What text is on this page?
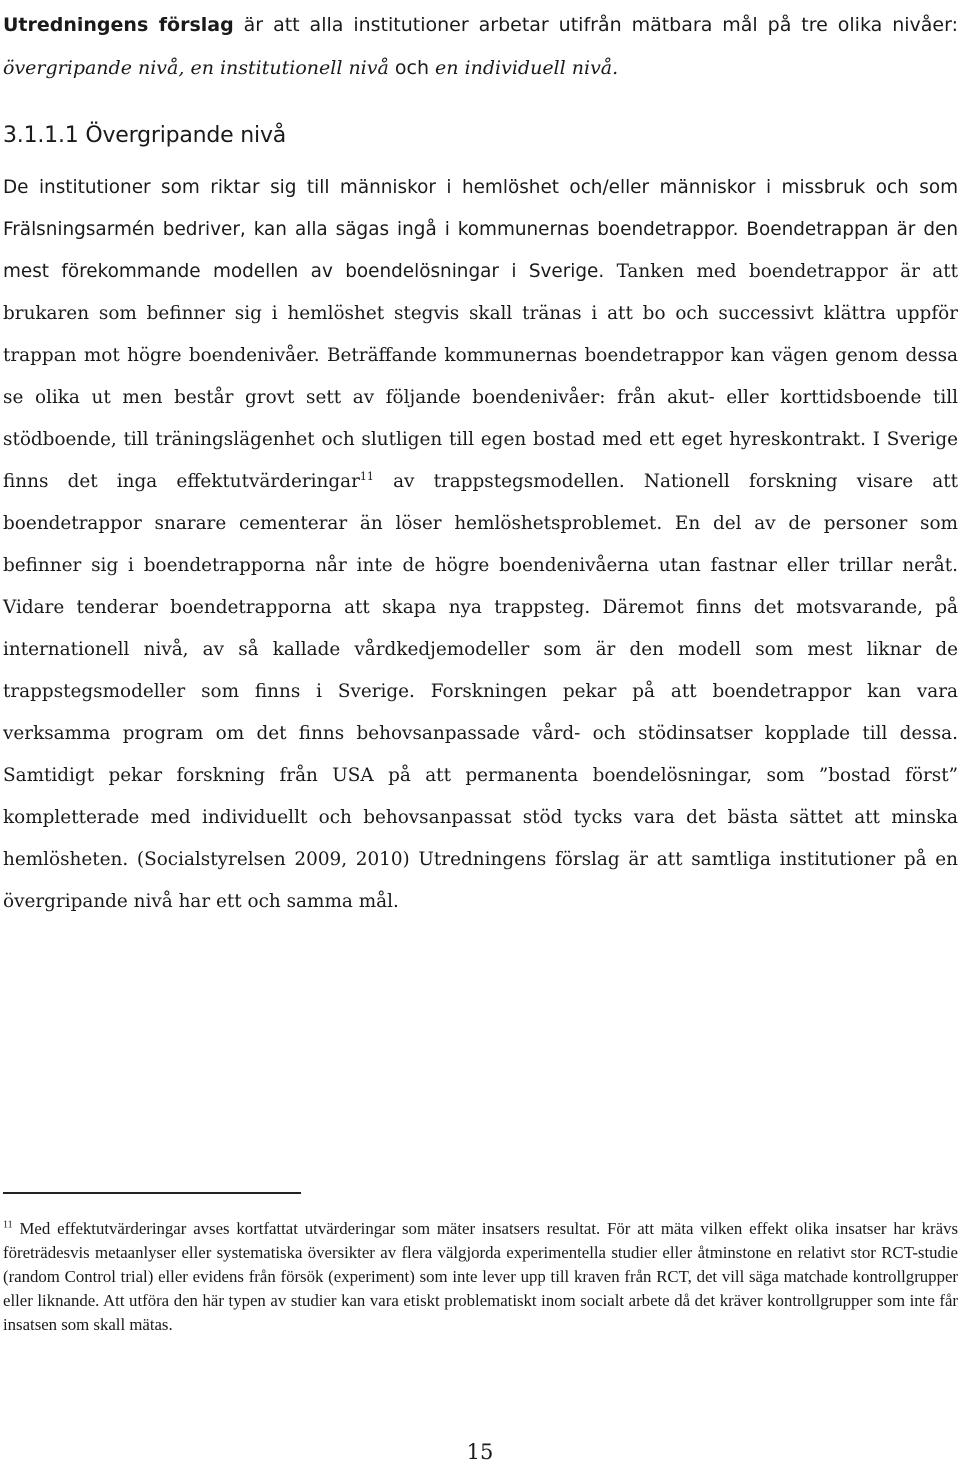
Utredningens förslag är att alla institutioner arbetar utifrån mätbara mål på tre olika nivåer: övergripande nivå, en institutionell nivå och en individuell nivå.

3.1.1.1 Övergripande nivå

De institutioner som riktar sig till människor i hemlöshet och/eller människor i missbruk och som Frälsningsarmén bedriver, kan alla sägas ingå i kommunernas boendetrappor. Boendetrappan är den mest förekommande modellen av boendelösningar i Sverige. Tanken med boendetrappor är att brukaren som befinner sig i hemlöshet stegvis skall tränas i att bo och successivt klättra uppför trappan mot högre boendenivåer. Beträffande kommunernas boendetrappor kan vägen genom dessa se olika ut men består grovt sett av följande boendenivåer: från akut- eller korttidsboende till stödboende, till träningslägenhet och slutligen till egen bostad med ett eget hyreskontrakt. I Sverige finns det inga effektutvärderingar$^{11}$ av trappstegsmodellen. Nationell forskning visare att boendetrappor snarare cementerar än löser hemlöshetsproblemet. En del av de personer som befinner sig i boendetrapporna når inte de högre boendenivåerna utan fastnar eller trillar neråt. Vidare tenderar boendetrapporna att skapa nya trappsteg. Däremot finns det motsvarande, på internationell nivå, av så kallade vårdkedjemodeller som är den modell som mest liknar de trappstegsmodeller som finns i Sverige. Forskningen pekar på att boendetrappor kan vara verksamma program om det finns behovsanpassade vård- och stödinsatser kopplade till dessa. Samtidigt pekar forskning från USA på att permanenta boendelösningar, som ”bostad först” kompletterade med individuellt och behovsanpassat stöd tycks vara det bästa sättet att minska hemlösheten. (Socialstyrelsen 2009, 2010) Utredningens förslag är att samtliga institutioner på en övergripande nivå har ett och samma mål.

$^{11}$ Med effektutvärderingar avses kortfattat utvärderingar som mäter insatsers resultat. För att mäta vilken effekt olika insatser har krävs företrädesvis metaanlyser eller systematiska översikter av flera välgjorda experimentella studier eller åtminstone en relativt stor RCT-studie (random Control trial) eller evidens från försök (experiment) som inte lever upp till kraven från RCT, det vill säga matchade kontrollgrupper eller liknande. Att utföra den här typen av studier kan vara etiskt problematiskt inom socialt arbete då det kräver kontrollgrupper som inte får insatsen som skall mätas.

15
